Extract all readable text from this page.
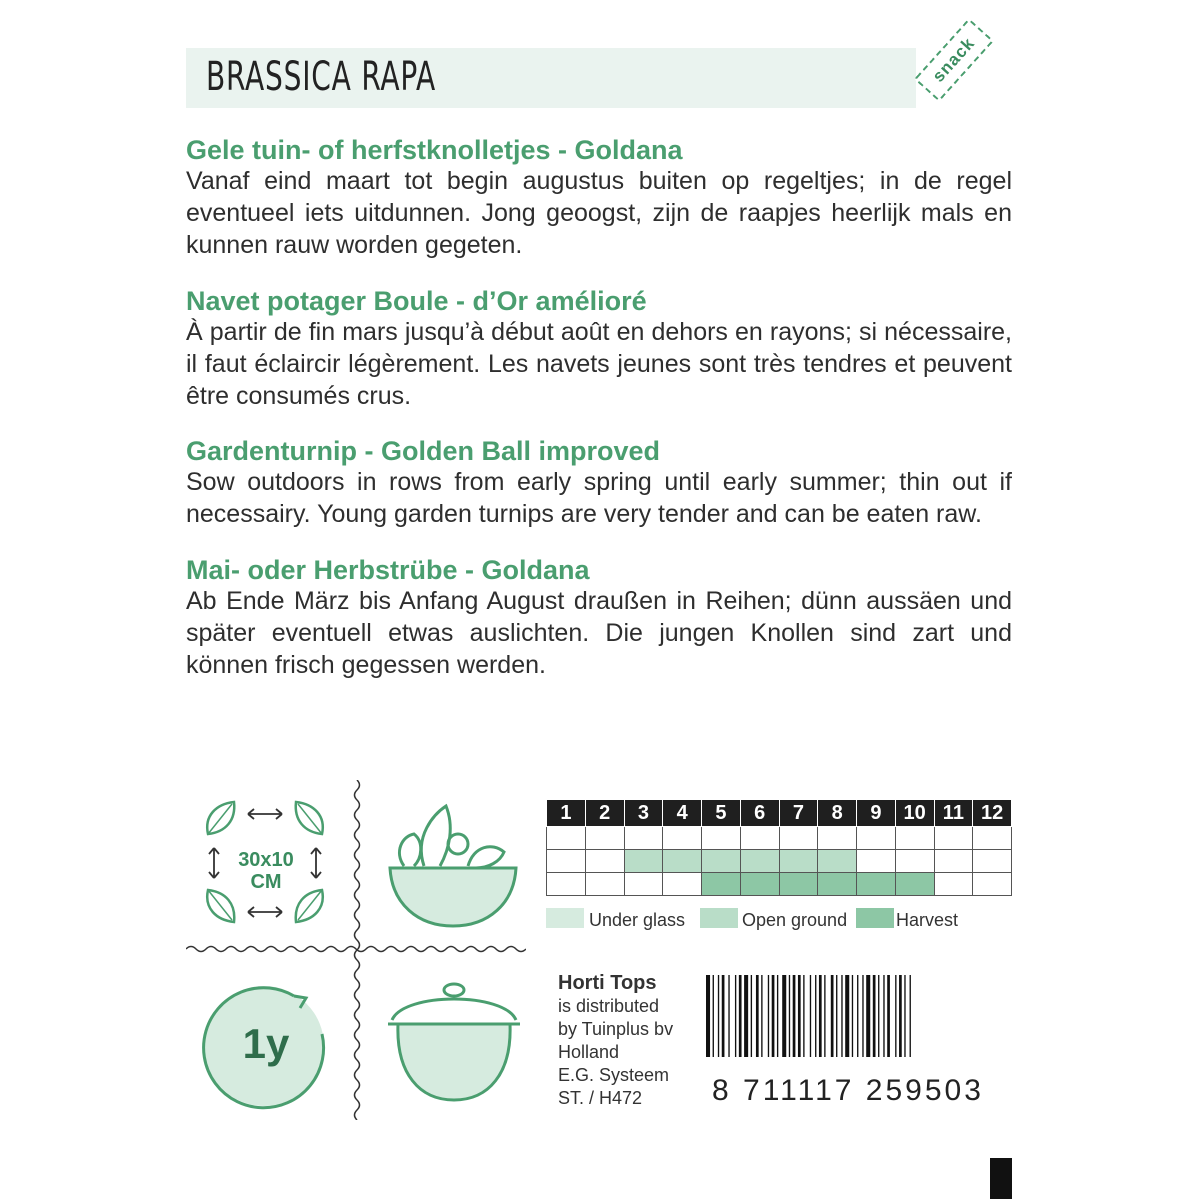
BRASSICA RAPA	snack
Gele tuin- of herfstknolletjes - Goldana

Vanaf eind maart tot begin augustus buiten op regeltjes; in de regel eventueel iets uitdunnen. Jong geoogst, zijn de raapjes heerlijk mals en kunnen rauw worden gegeten.

Navet potager Boule - d’Or amélioré

À partir de fin mars jusqu’à début août en dehors en rayons; si nécessaire, il faut éclaircir légèrement. Les navets jeunes sont très tendres et peuvent être consumés crus.

Gardenturnip - Golden Ball improved

Sow outdoors in rows from early spring until early summer; thin out if necessairy. Young garden turnips are very tender and can be eaten raw.

Mai- oder Herbstrübe - Goldana

Ab Ende März bis Anfang August draußen in Reihen; dünn aussäen und später eventuell etwas auslichten. Die jungen Knollen sind zart und können frisch gegessen werden.

30x10
CM
1y
1	2	3	4	5	6	7	8	9	10	11	12

Under glass	Open ground	Harvest
Horti Tops
is distributed
by Tuinplus bv
Holland
E.G. Systeem
ST. / H472	8 711117 259503
